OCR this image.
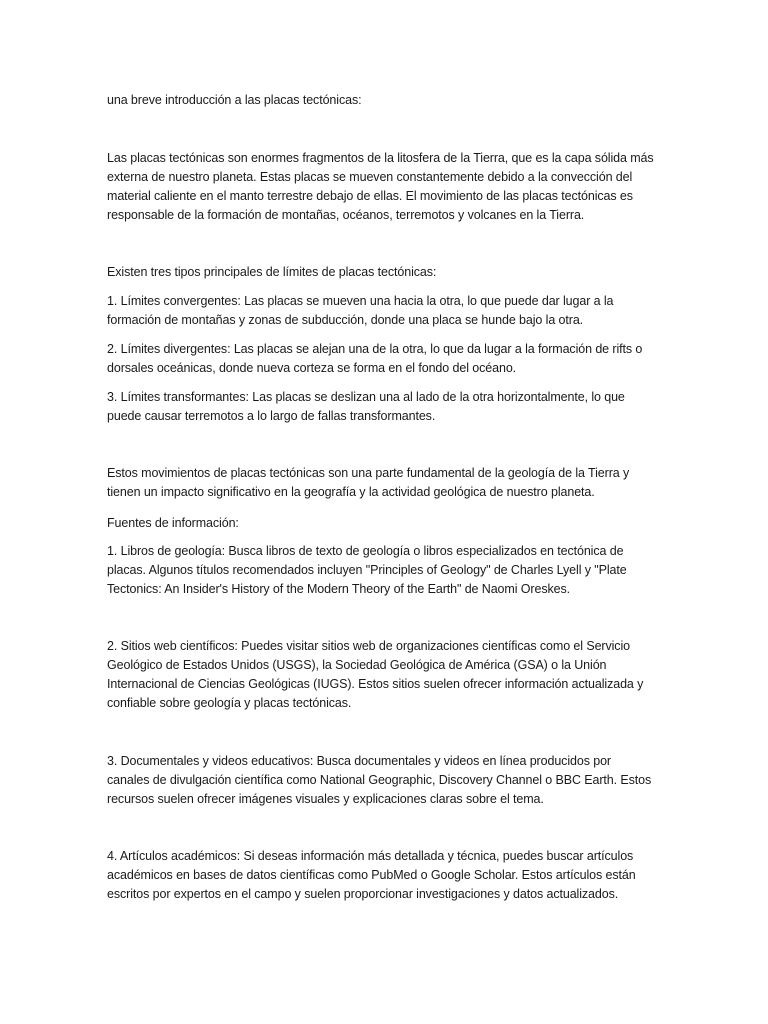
una breve introducción a las placas tectónicas:

Las placas tectónicas son enormes fragmentos de la litosfera de la Tierra, que es la capa sólida más
externa de nuestro planeta. Estas placas se mueven constantemente debido a la convección del
material caliente en el manto terrestre debajo de ellas. El movimiento de las placas tectónicas es
responsable de la formación de montañas, océanos, terremotos y volcanes en la Tierra.

Existen tres tipos principales de límites de placas tectónicas:

1. Límites convergentes: Las placas se mueven una hacia la otra, lo que puede dar lugar a la
formación de montañas y zonas de subducción, donde una placa se hunde bajo la otra.

2. Límites divergentes: Las placas se alejan una de la otra, lo que da lugar a la formación de rifts o
dorsales oceánicas, donde nueva corteza se forma en el fondo del océano.

3. Límites transformantes: Las placas se deslizan una al lado de la otra horizontalmente, lo que
puede causar terremotos a lo largo de fallas transformantes.

Estos movimientos de placas tectónicas son una parte fundamental de la geología de la Tierra y
tienen un impacto significativo en la geografía y la actividad geológica de nuestro planeta.

Fuentes de información:

1. Libros de geología: Busca libros de texto de geología o libros especializados en tectónica de
placas. Algunos títulos recomendados incluyen "Principles of Geology" de Charles Lyell y "Plate
Tectonics: An Insider's History of the Modern Theory of the Earth" de Naomi Oreskes.

2. Sitios web científicos: Puedes visitar sitios web de organizaciones científicas como el Servicio
Geológico de Estados Unidos (USGS), la Sociedad Geológica de América (GSA) o la Unión
Internacional de Ciencias Geológicas (IUGS). Estos sitios suelen ofrecer información actualizada y
confiable sobre geología y placas tectónicas.

3. Documentales y videos educativos: Busca documentales y videos en línea producidos por
canales de divulgación científica como National Geographic, Discovery Channel o BBC Earth. Estos
recursos suelen ofrecer imágenes visuales y explicaciones claras sobre el tema.

4. Artículos académicos: Si deseas información más detallada y técnica, puedes buscar artículos
académicos en bases de datos científicas como PubMed o Google Scholar. Estos artículos están
escritos por expertos en el campo y suelen proporcionar investigaciones y datos actualizados.
